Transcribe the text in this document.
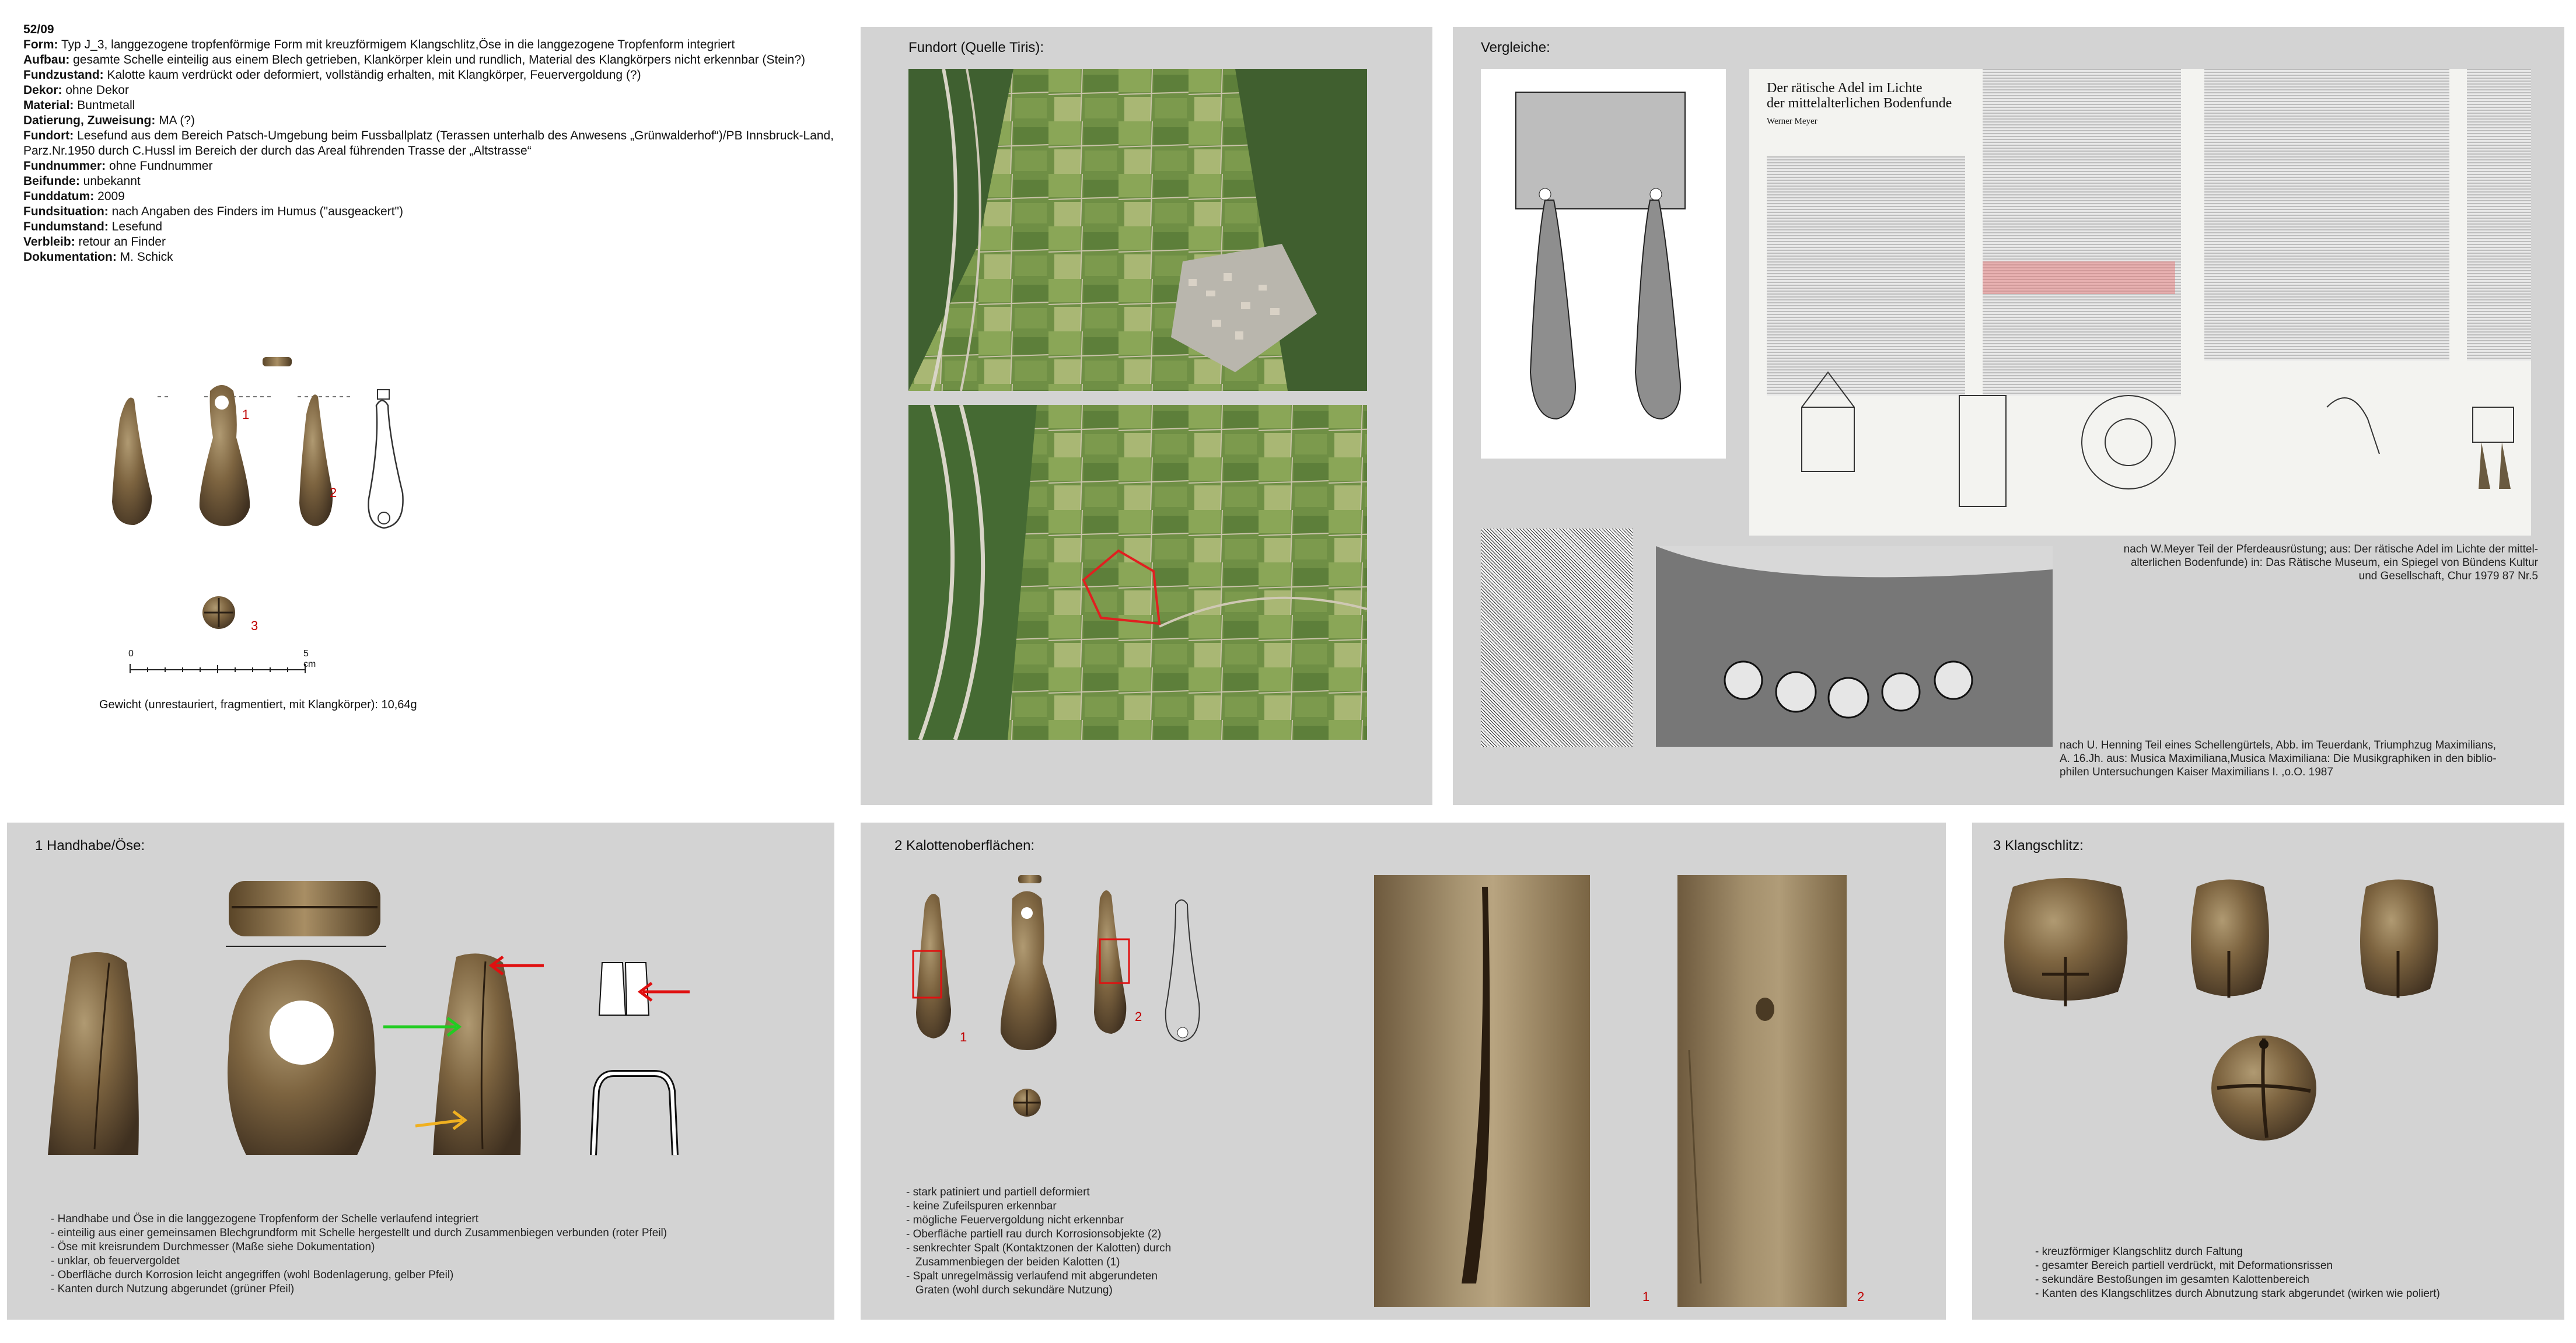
52/09
Form: Typ J_3, langgezogene tropfenförmige Form mit kreuzförmigem Klangschlitz,Öse in die langgezogene Tropfenform integriert
Aufbau: gesamte Schelle einteilig aus einem Blech getrieben, Klankörper klein und rundlich, Material des Klangkörpers nicht erkennbar (Stein?)
Fundzustand: Kalotte kaum verdrückt oder deformiert, vollständig erhalten, mit Klangkörper, Feuervergoldung (?)
Dekor: ohne Dekor
Material: Buntmetall
Datierung, Zuweisung: MA (?)
Fundort: Lesefund aus dem Bereich Patsch-Umgebung beim Fussballplatz (Terassen unterhalb des Anwesens „Grünwalderhof“)/PB Innsbruck-Land, Parz.Nr.1950 durch C.Hussl im Bereich der durch das Areal führenden Trasse der „Altstrasse“
Fundnummer: ohne Fundnummer
Beifunde: unbekannt
Funddatum: 2009
Fundsituation: nach Angaben des Finders im Humus ("ausgeackert")
Fundumstand: Lesefund
Verbleib: retour an Finder
Dokumentation: M. Schick
1
2
3
0	5 cm
Gewicht (unrestauriert, fragmentiert, mit Klangkörper): 10,64g
Fundort (Quelle Tiris):	Vergleiche:
Der rätische Adel im Lichte
der mittelalterlichen Bodenfunde
Werner Meyer
nach W.Meyer Teil der Pferdeausrüstung; aus: Der rätische Adel im Lichte der mittel-
alterlichen Bodenfunde) in: Das Rätische Museum, ein Spiegel von Bündens Kultur
und Gesellschaft, Chur 1979 87 Nr.5
nach U. Henning Teil eines Schellengürtels, Abb. im Teuerdank, Triumphzug Maximilians,
A. 16.Jh. aus: Musica Maximiliana,Musica Maximiliana: Die Musikgraphiken in den biblio-
philen Untersuchungen Kaiser Maximilians I. ,o.O. 1987
1 Handhabe/Öse:
- Handhabe und Öse in die langgezogene Tropfenform der Schelle verlaufend integriert
- einteilig aus einer gemeinsamen Blechgrundform mit Schelle hergestellt und durch Zusammenbiegen verbunden (roter Pfeil)
- Öse mit kreisrundem Durchmesser (Maße siehe Dokumentation)
- unklar, ob feuervergoldet
- Oberfläche durch Korrosion leicht angegriffen (wohl Bodenlagerung, gelber Pfeil)
- Kanten durch Nutzung abgerundet (grüner Pfeil)
2 Kalottenoberflächen:
1
2
1	2
- stark patiniert und partiell deformiert
- keine Zufeilspuren erkennbar
- mögliche Feuervergoldung nicht erkennbar
- Oberfläche partiell rau durch Korrosionsobjekte (2)
- senkrechter Spalt (Kontaktzonen der Kalotten) durch
Zusammenbiegen der beiden Kalotten (1)
- Spalt unregelmässig verlaufend mit abgerundeten
Graten (wohl durch sekundäre Nutzung)
3 Klangschlitz:
- kreuzförmiger Klangschlitz durch Faltung
- gesamter Bereich partiell verdrückt, mit Deformationsrissen
- sekundäre Bestoßungen im gesamten Kalottenbereich
- Kanten des Klangschlitzes durch Abnutzung stark abgerundet (wirken wie poliert)
